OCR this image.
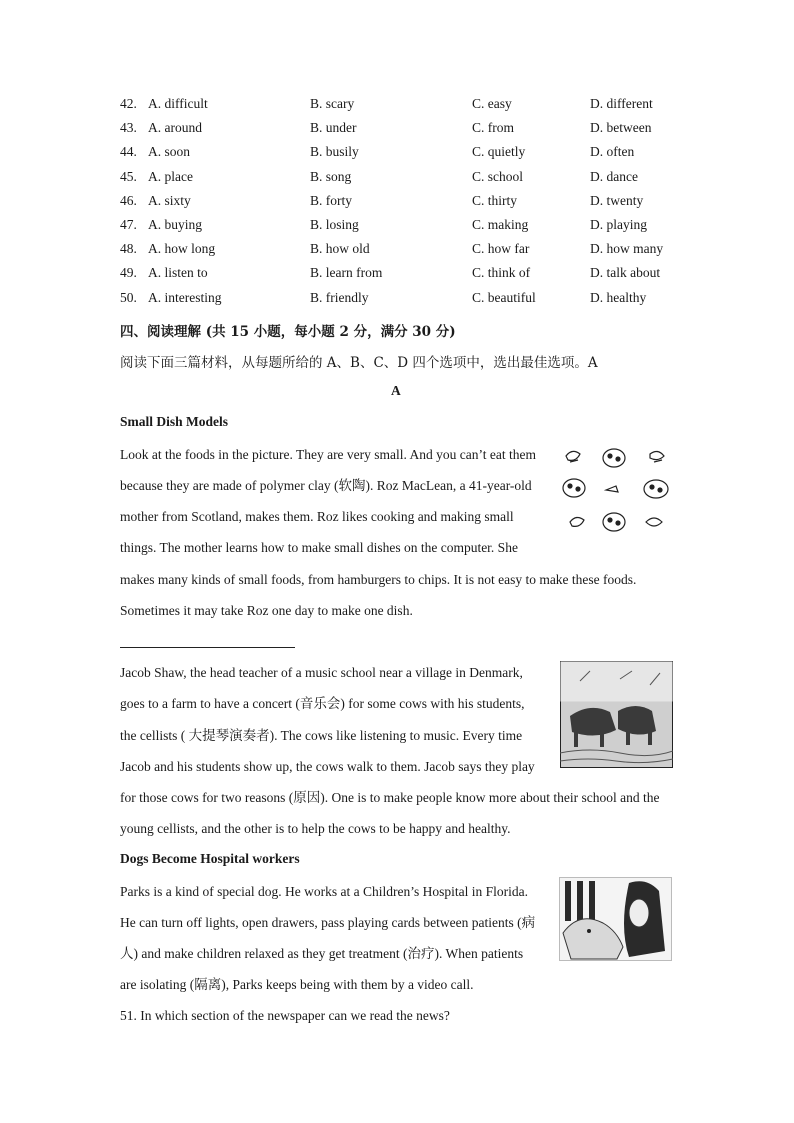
42. A. difficult	B. scary	C. easy	D. different
43. A. around	B. under	C. from	D. between
44. A. soon	B. busily	C. quietly	D. often
45. A. place	B. song	C. school	D. dance
46. A. sixty	B. forty	C. thirty	D. twenty
47. A. buying	B. losing	C. making	D. playing
48. A. how long	B. how old	C. how far	D. how many
49. A. listen to	B. learn from	C. think of	D. talk about
50. A. interesting	B. friendly	C. beautiful	D. healthy
四、阅读理解 (共 15 小题，每小题 2 分，满分 30 分)
阅读下面三篇材料，从每题所给的 A、B、C、D 四个选项中，选出最佳选项。A
A
Small Dish Models
Look at the foods in the picture. They are very small. And you can’t eat them
because they are made of polymer clay (软陶). Roz MacLean, a 41-year-old
mother from Scotland, makes them. Roz likes cooking and making small
things. The mother learns how to make small dishes on the computer. She
makes many kinds of small foods, from hamburgers to chips. It is not easy to make these foods.
Sometimes it may take Roz one day to make one dish.
Jacob Shaw, the head teacher of a music school near a village in Denmark,
goes to a farm to have a concert (音乐会) for some cows with his students,
the cellists ( 大提琴演奏者). The cows like listening to music. Every time
Jacob and his students show up, the cows walk to them. Jacob says they play
for those cows for two reasons (原因). One is to make people know more about their school and the
young cellists, and the other is to help the cows to be happy and healthy.
Dogs Become Hospital workers
Parks is a kind of special dog. He works at a Children’s Hospital in Florida.
He can turn off lights, open drawers, pass playing cards between patients (病
人) and make children relaxed as they get treatment (治疗). When patients
are isolating (隔离), Parks keeps being with them by a video call.
51. In which section of the newspaper can we read the news?
